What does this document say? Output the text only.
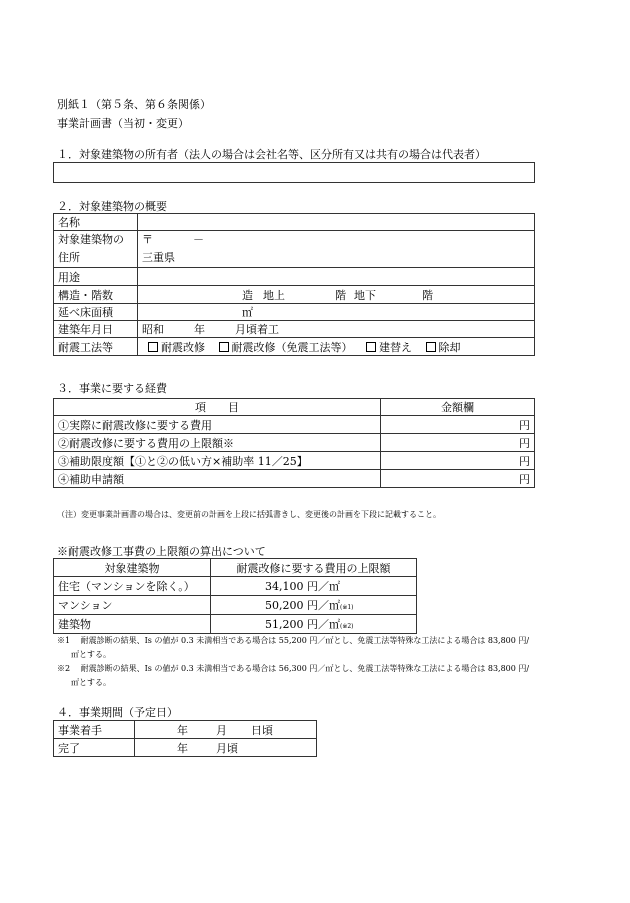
別紙１（第５条、第６条関係）
事業計画書（当初・変更）
１．対象建築物の所有者（法人の場合は会社名等、区分所有又は共有の場合は代表者）
２．対象建築物の概要
名称	
対象建築物の
住所	〒 －
三重県
用途	
構造・階数	造 地上 階 地下 階
延べ床面積	㎡
建築年月日	昭和 年 月頃着工
耐震工法等	耐震改修 耐震改修（免震工法等） 建替え 除却
３．事業に要する経費
項　　目	金額欄
①実際に耐震改修に要する費用	円
②耐震改修に要する費用の上限額※	円
③補助限度額【①と②の低い方×補助率 11／25】	円
④補助申請額	円
（注）変更事業計画書の場合は、変更前の計画を上段に括弧書きし、変更後の計画を下段に記載すること。
※耐震改修工事費の上限額の算出について
対象建築物	耐震改修に要する費用の上限額
住宅（マンションを除く。）	34,100 円／㎡
マンション	50,200 円／㎡(※1)
建築物	51,200 円／㎡(※2)
※1　 耐震診断の結果、Is の値が 0.3 未満相当である場合は 55,200 円／㎡とし、免震工法等特殊な工法による場合は 83,800 円/
㎡とする。
※2　 耐震診断の結果、Is の値が 0.3 未満相当である場合は 56,300 円／㎡とし、免震工法等特殊な工法による場合は 83,800 円/
㎡とする。
４．事業期間（予定日）
事業着手	年 月 日頃
完了	年 月頃
